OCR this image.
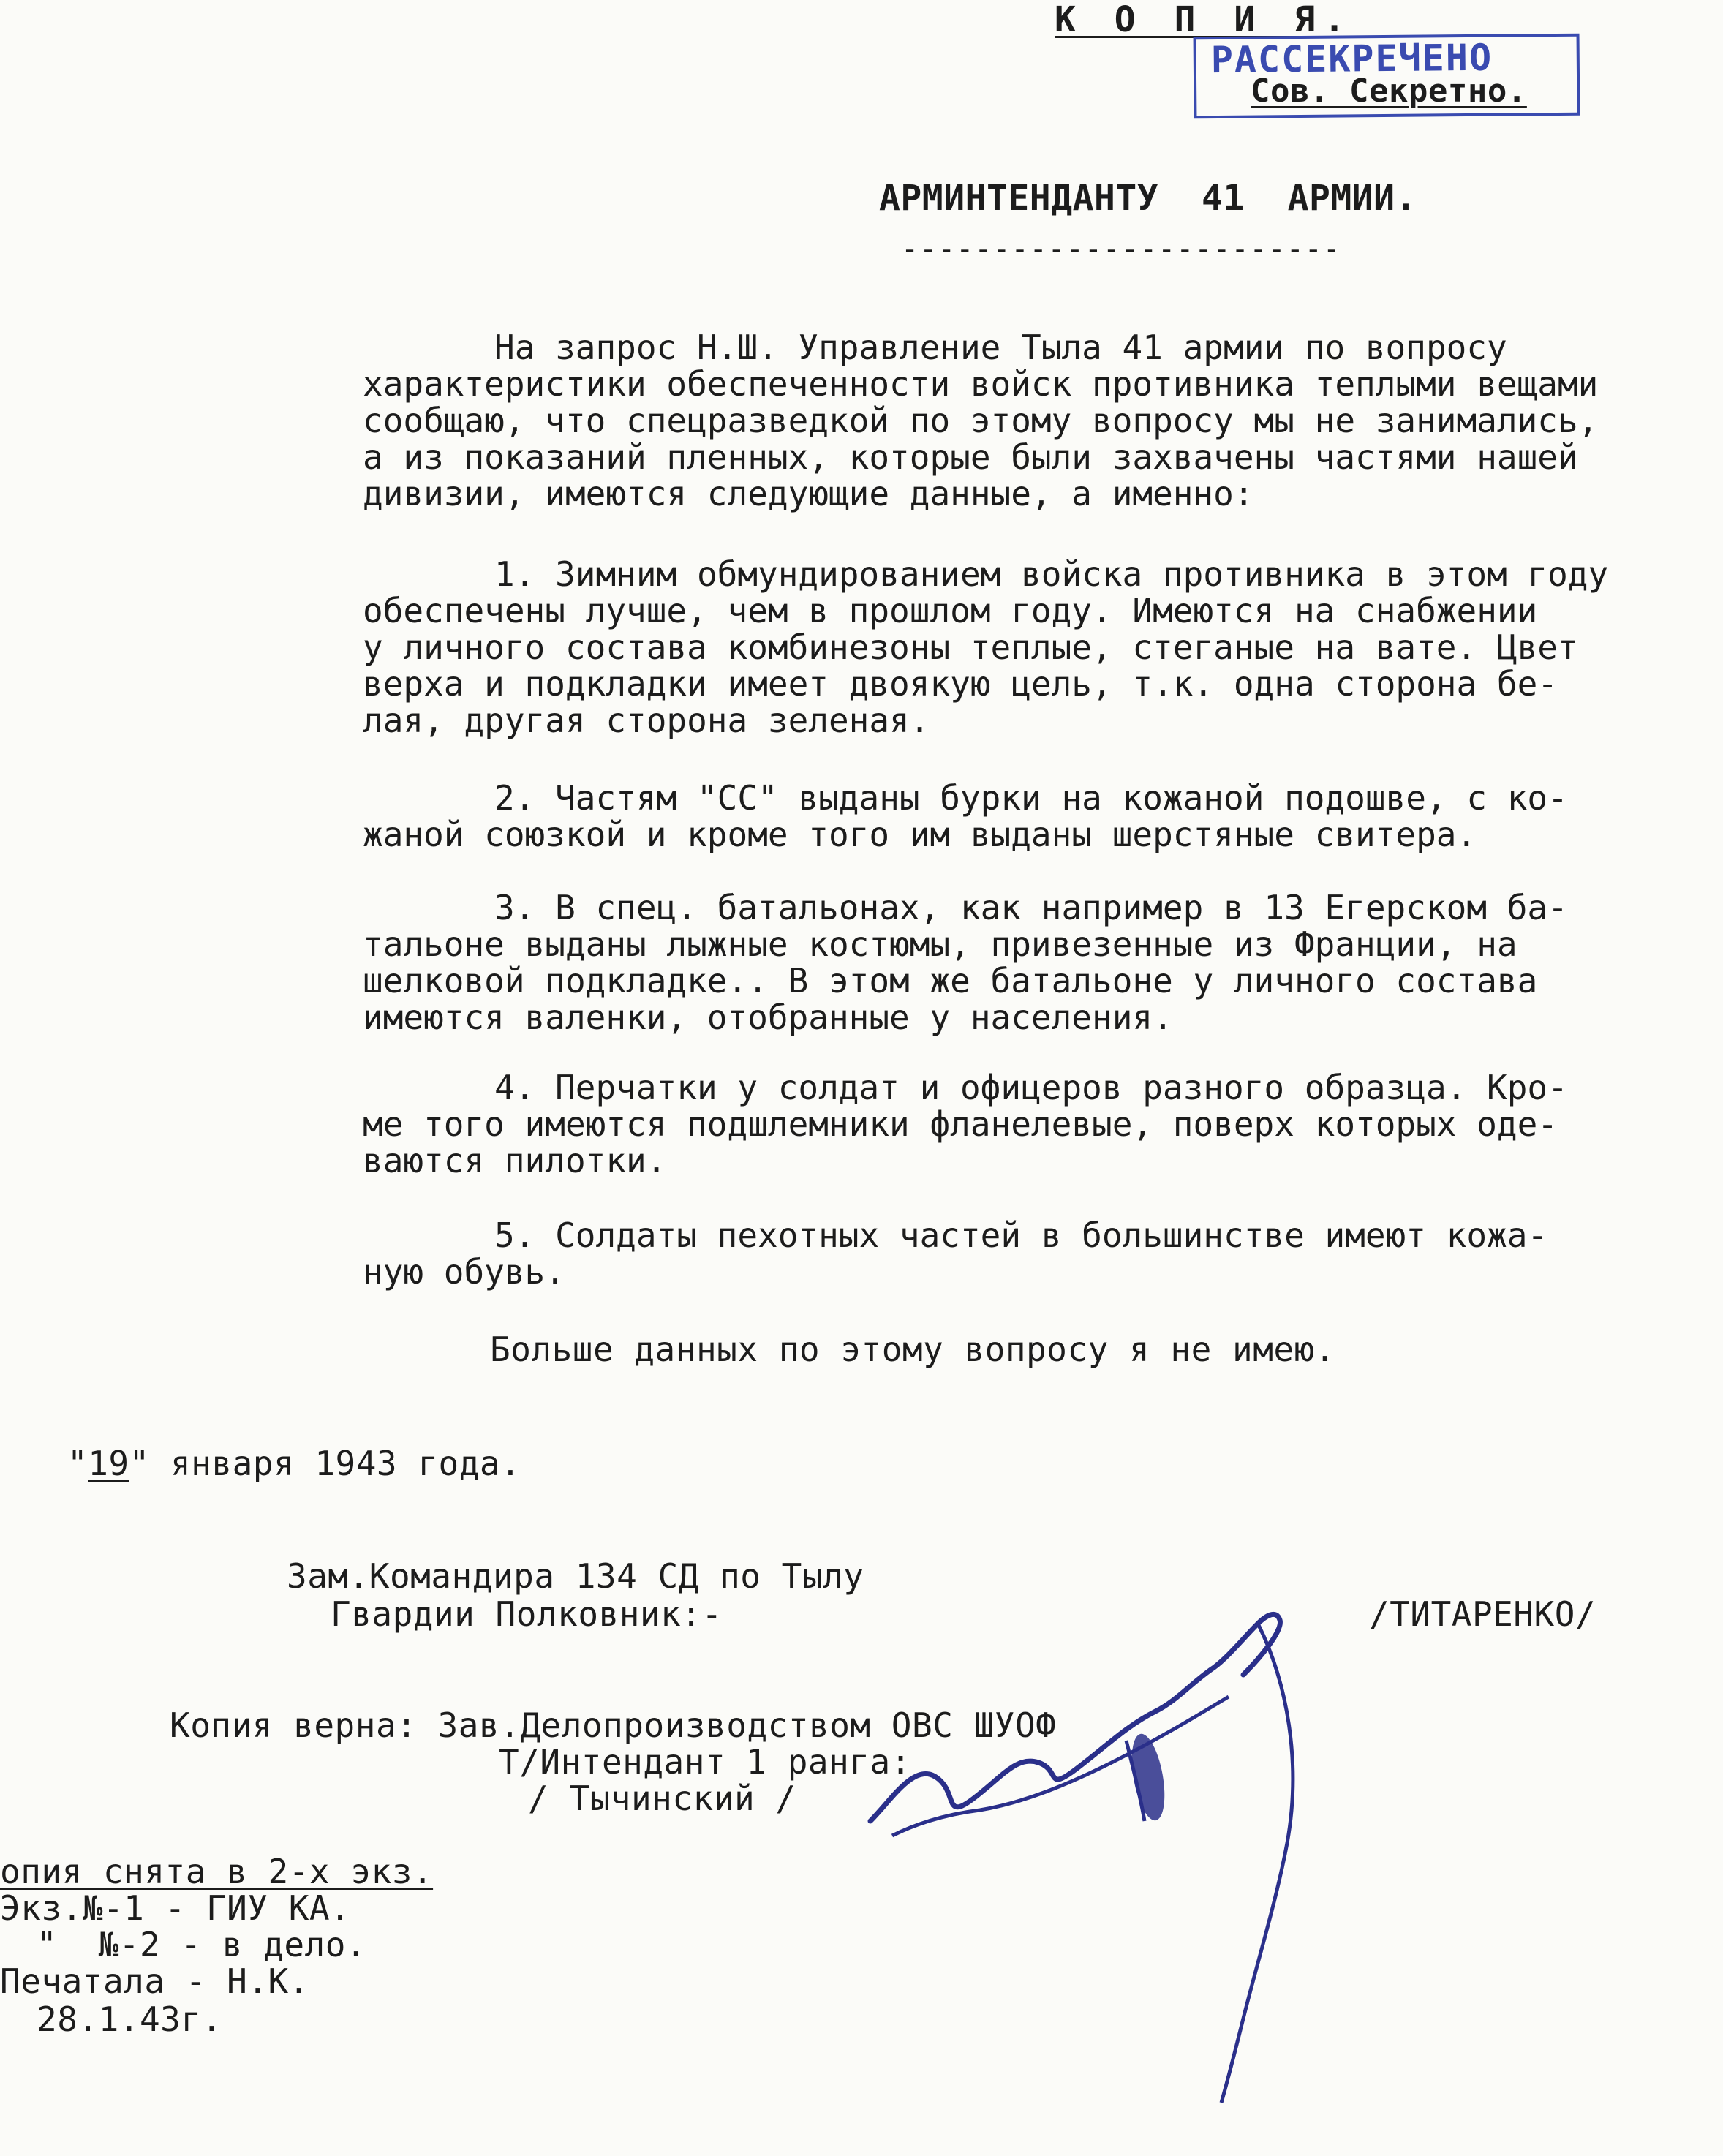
К О П И Я.
РАССЕКРЕЧЕНО
Сов. Секретно.
АРМИНТЕНДАНТУ  41  АРМИИ.
------------------------
На запрос Н.Ш. Управление Тыла 41 армии по вопросу
характеристики обеспеченности войск противника теплыми вещами
сообщаю, что спецразведкой по этому вопросу мы не занимались,
а из показаний пленных, которые были захвачены частями нашей
дивизии, имеются следующие данные, а именно:
1. Зимним обмундированием войска противника в этом году
обеспечены лучше, чем в прошлом году. Имеются на снабжении
у личного состава комбинезоны теплые, стеганые на вате. Цвет
верха и подкладки имеет двоякую цель, т.к. одна сторона бе-
лая, другая сторона зеленая.
2. Частям "СС" выданы бурки на кожаной подошве, с ко-
жаной союзкой и кроме того им выданы шерстяные свитера.
3. В спец. батальонах, как например в 13 Егерском ба-
тальоне выданы лыжные костюмы, привезенные из Франции, на
шелковой подкладке.. В этом же батальоне у личного состава
имеются валенки, отобранные у населения.
4. Перчатки у солдат и офицеров разного образца. Кро-
ме того имеются подшлемники фланелевые, поверх которых оде-
ваются пилотки.
5. Солдаты пехотных частей в большинстве имеют кожа-
ную обувь.
Больше данных по этому вопросу я не имею.
"19" января 1943 года.
Зам.Командира 134 СД по Тылу
Гвардии Полковник:-	/ТИТАРЕНКО/
Копия верна: Зав.Делопроизводством ОВС ШУОФ
Т/Интендант 1 ранга:
/ Тычинский /
опия снята в 2-х экз.
Экз.№-1 - ГИУ КА.
"  №-2 - в дело.
Печатала - Н.К.
28.1.43г.
